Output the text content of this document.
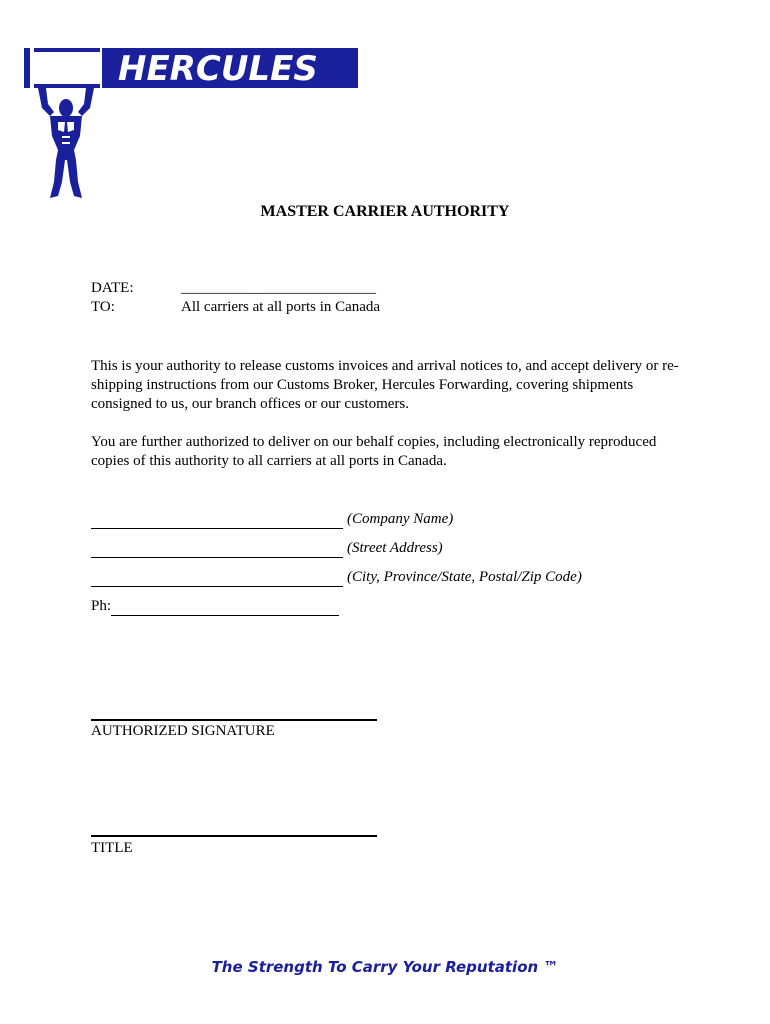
HERCULES
MASTER CARRIER AUTHORITY
DATE:	__________________________
TO:	All carriers at all ports in Canada
This is your authority to release customs invoices and arrival notices to, and accept delivery or re-shipping instructions from our Customs Broker, Hercules Forwarding, covering shipments consigned to us, our branch offices or our customers.
You are further authorized to deliver on our behalf copies, including electronically reproduced copies of this authority to all carriers at all ports in Canada.
(Company Name)
(Street Address)
(City, Province/State, Postal/Zip Code)
Ph:
AUTHORIZED SIGNATURE
TITLE
The Strength To Carry Your Reputation ™
